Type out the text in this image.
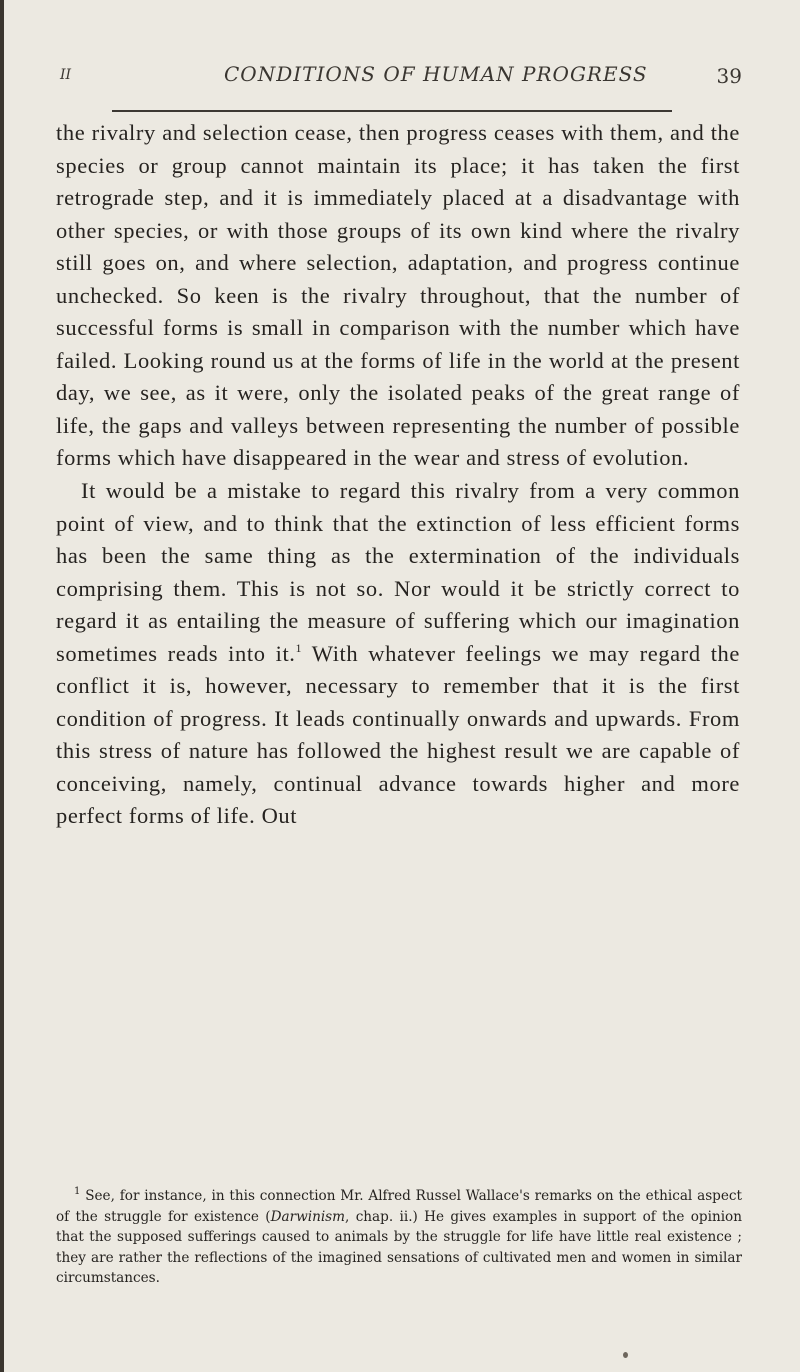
II	CONDITIONS OF HUMAN PROGRESS	39

the rivalry and selection cease, then progress ceases with them, and the species or group cannot maintain its place; it has taken the first retrograde step, and it is immediately placed at a disadvantage with other species, or with those groups of its own kind where the rivalry still goes on, and where selection, adaptation, and progress continue unchecked. So keen is the rivalry throughout, that the number of successful forms is small in comparison with the number which have failed. Looking round us at the forms of life in the world at the present day, we see, as it were, only the isolated peaks of the great range of life, the gaps and valleys between representing the number of possible forms which have disappeared in the wear and stress of evolution.

It would be a mistake to regard this rivalry from a very common point of view, and to think that the extinction of less efficient forms has been the same thing as the extermination of the individuals comprising them. This is not so. Nor would it be strictly correct to regard it as entailing the measure of suffering which our imagination sometimes reads into it.$^1$ With whatever feelings we may regard the conflict it is, however, necessary to remember that it is the first condition of progress. It leads continually onwards and upwards. From this stress of nature has followed the highest result we are capable of conceiving, namely, continual advance towards higher and more perfect forms of life. Out

$^1$ See, for instance, in this connection Mr. Alfred Russel Wallace's remarks on the ethical aspect of the struggle for existence (Darwinism, chap. ii.) He gives examples in support of the opinion that the supposed sufferings caused to animals by the struggle for life have little real existence ; they are rather the reflections of the imagined sensations of cultivated men and women in similar circumstances.
